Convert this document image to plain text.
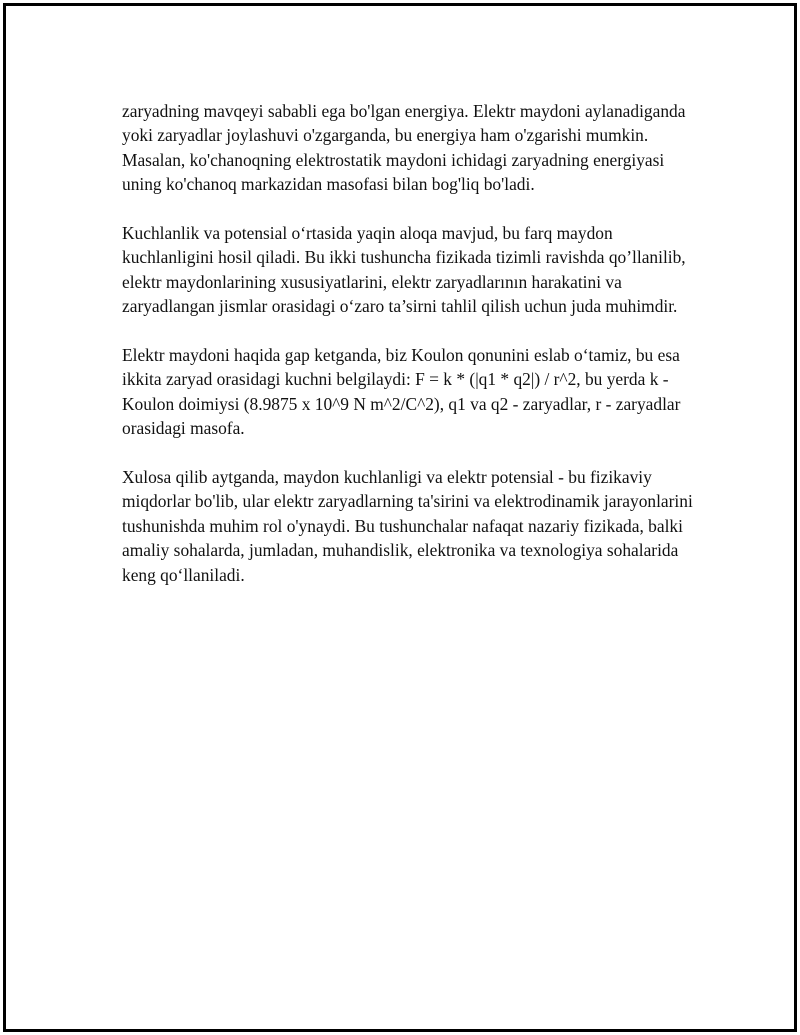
zaryadning mavqeyi sababli ega bo'lgan energiya. Elektr maydoni aylanadiganda yoki zaryadlar joylashuvi o'zgarganda, bu energiya ham o'zgarishi mumkin. Masalan, ko'chanoqning elektrostatik maydoni ichidagi zaryadning energiyasi uning ko'chanoq markazidan masofasi bilan bog'liq bo'ladi.

Kuchlanlik va potensial o‘rtasida yaqin aloqa mavjud, bu farq maydon kuchlanligini hosil qiladi. Bu ikki tushuncha fizikada tizimli ravishda qo’llanilib, elektr maydonlarining xususiyatlarini, elektr zaryadlarının harakatini va zaryadlangan jismlar orasidagi o‘zaro ta’sirni tahlil qilish uchun juda muhimdir.

Elektr maydoni haqida gap ketganda, biz Koulon qonunini eslab o‘tamiz, bu esa ikkita zaryad orasidagi kuchni belgilaydi: F = k * (|q1 * q2|) / r^2, bu yerda k - Koulon doimiysi (8.9875 x 10^9 N m^2/C^2), q1 va q2 - zaryadlar, r - zaryadlar orasidagi masofa.

Xulosa qilib aytganda, maydon kuchlanligi va elektr potensial - bu fizikaviy miqdorlar bo'lib, ular elektr zaryadlarning ta'sirini va elektrodinamik jarayonlarini tushunishda muhim rol o'ynaydi. Bu tushunchalar nafaqat nazariy fizikada, balki amaliy sohalarda, jumladan, muhandislik, elektronika va texnologiya sohalarida keng qo‘llaniladi.
